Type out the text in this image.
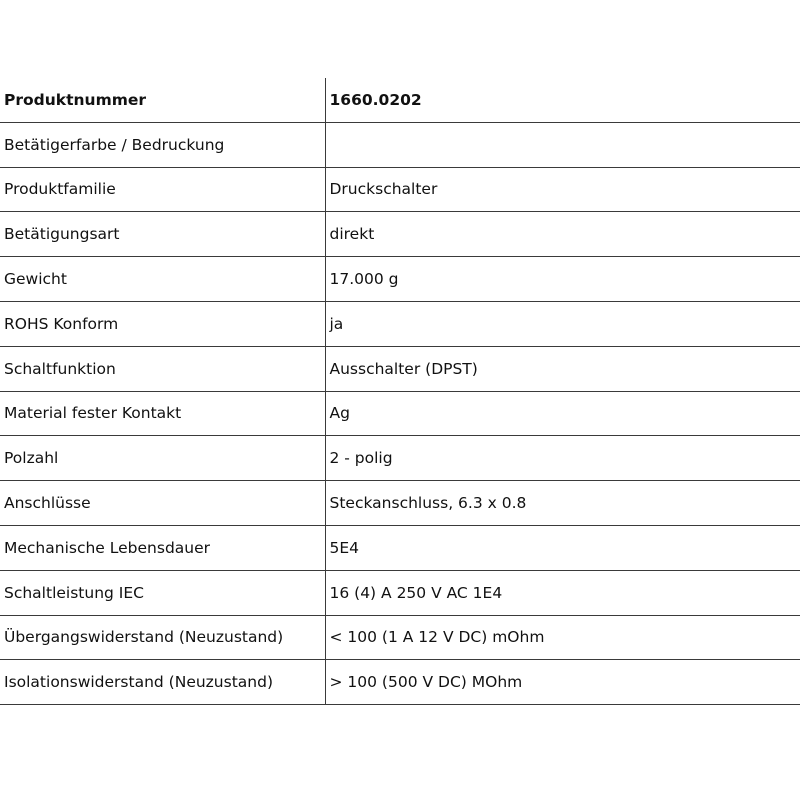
Produktnummer	1660.0202
Betätigerfarbe / Bedruckung	
Produktfamilie	Druckschalter
Betätigungsart	direkt
Gewicht	17.000 g
ROHS Konform	ja
Schaltfunktion	Ausschalter (DPST)
Material fester Kontakt	Ag
Polzahl	2 - polig
Anschlüsse	Steckanschluss, 6.3 x 0.8
Mechanische Lebensdauer	5E4
Schaltleistung IEC	16 (4) A 250 V AC 1E4
Übergangswiderstand (Neuzustand)	< 100 (1 A 12 V DC) mOhm
Isolationswiderstand (Neuzustand)	> 100 (500 V DC) MOhm
